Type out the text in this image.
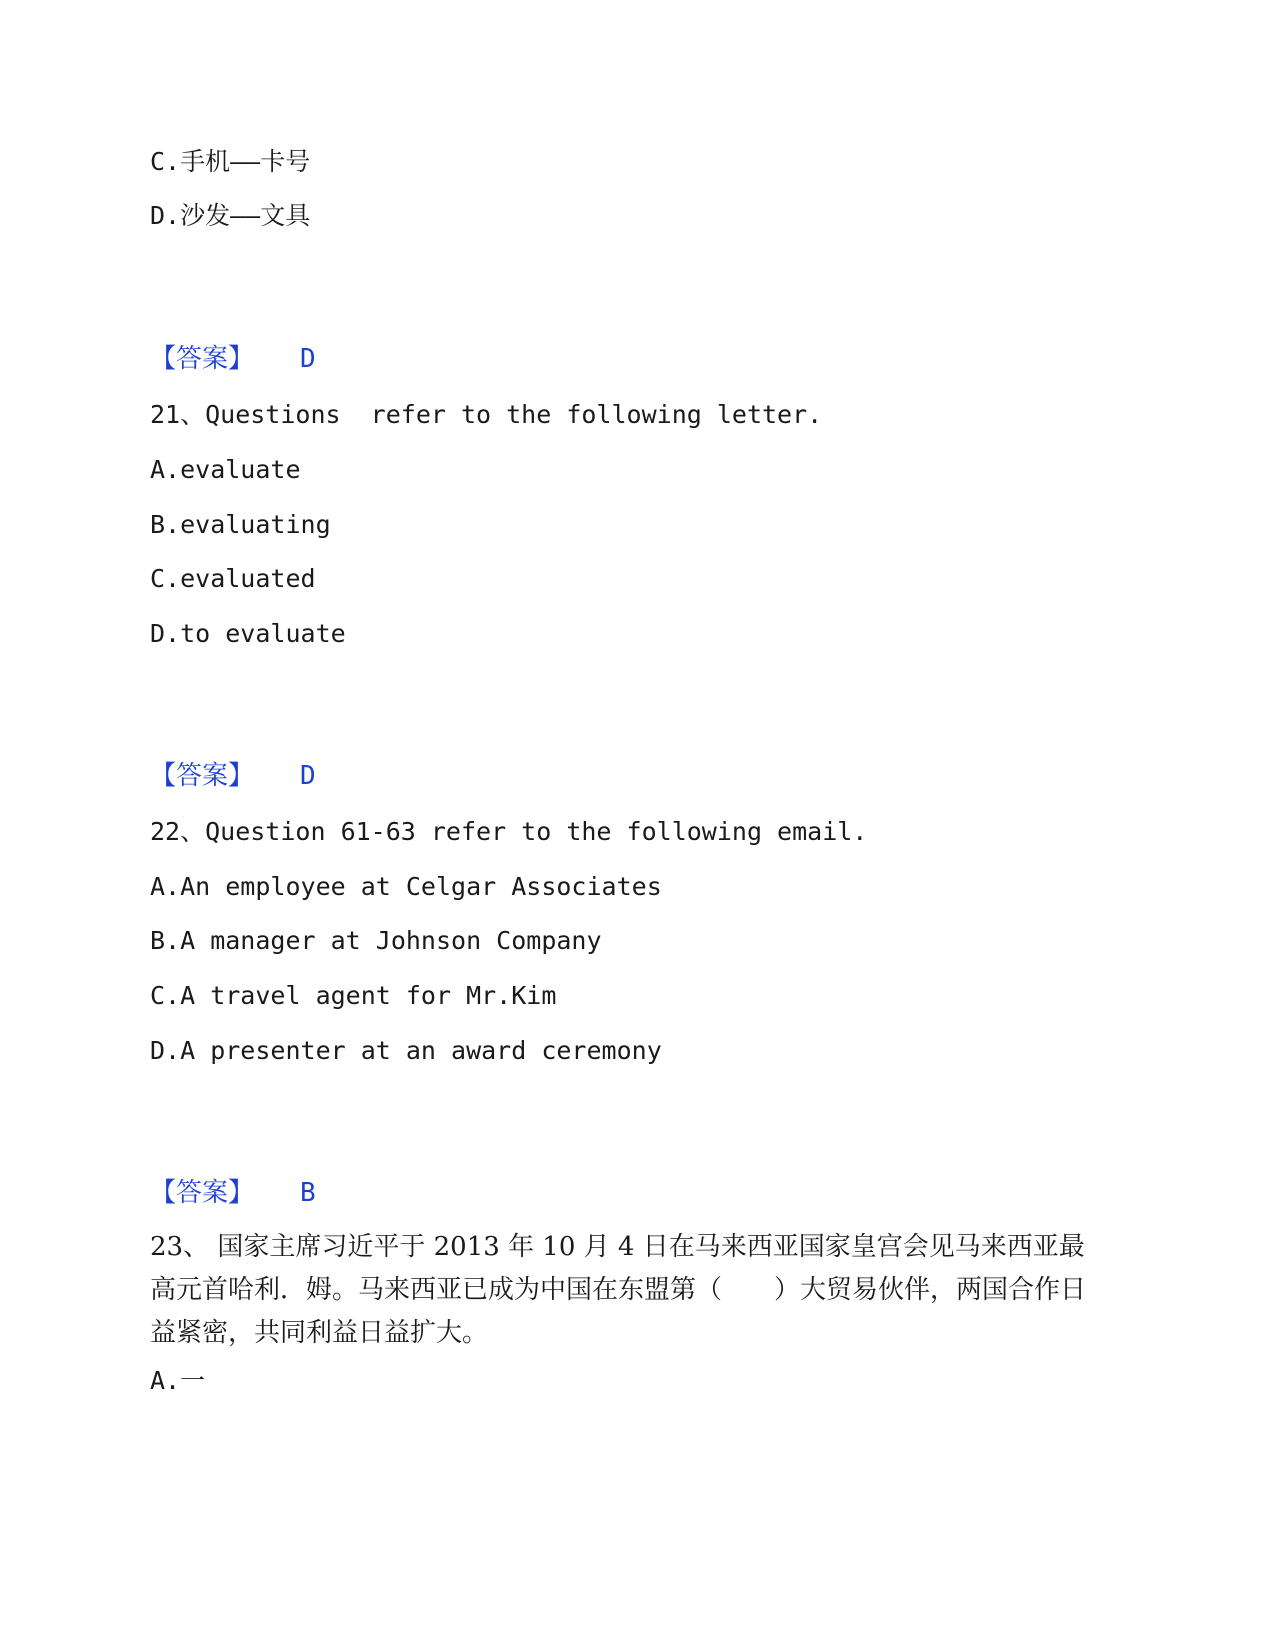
C.手机——卡号
D.沙发——文具
【答案】 D
21、Questions  refer to the following letter.
A.evaluate
B.evaluating
C.evaluated
D.to evaluate
【答案】 D
22、Question 61-63 refer to the following email.
A.An employee at Celgar Associates
B.A manager at Johnson Company
C.A travel agent for Mr.Kim
D.A presenter at an award ceremony
【答案】 B
23、 国家主席习近平于 2013 年 10 月 4 日在马来西亚国家皇宫会见马来西亚最高元首哈利．姆。马来西亚已成为中国在东盟第（　　）大贸易伙伴，两国合作日益紧密，共同利益日益扩大。
A.一
